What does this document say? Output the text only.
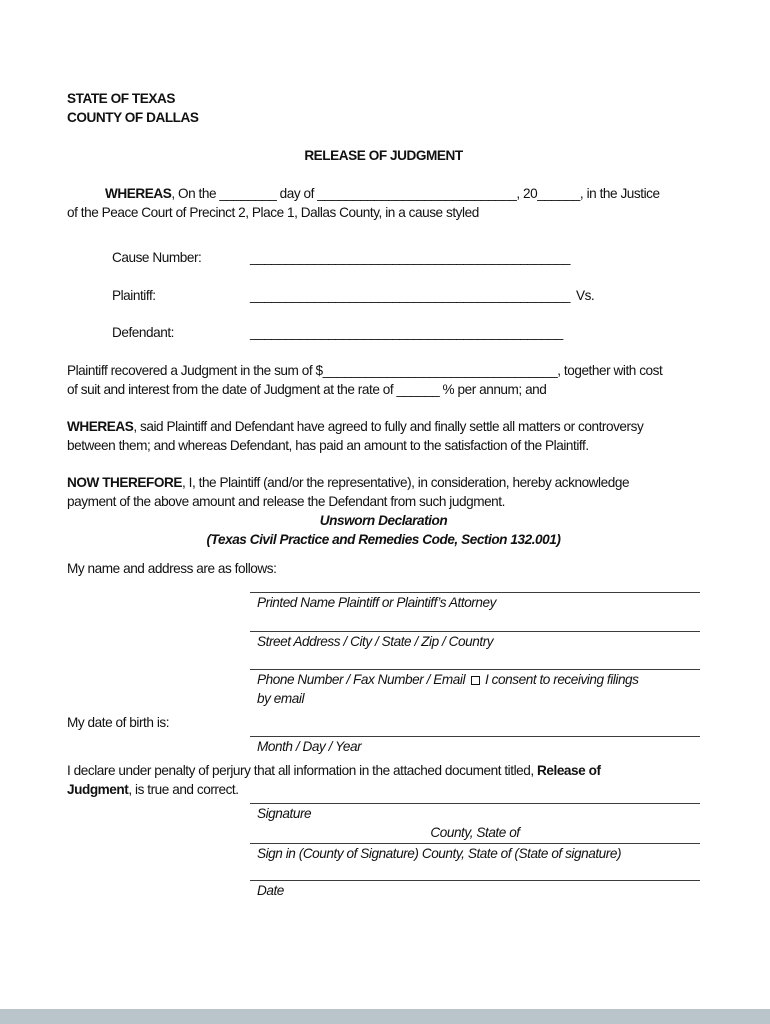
STATE OF TEXAS
COUNTY OF DALLAS
RELEASE OF JUDGMENT
WHEREAS, On the ________ day of ____________________________, 20______, in the Justice
of the Peace Court of Precinct 2, Place 1, Dallas County, in a cause styled
Cause Number:	_____________________________________________
Plaintiff:	_____________________________________________ Vs.
Defendant:	____________________________________________
Plaintiff recovered a Judgment in the sum of $_________________________________, together with cost
of suit and interest from the date of Judgment at the rate of ______ % per annum; and
WHEREAS, said Plaintiff and Defendant have agreed to fully and finally settle all matters or controversy
between them; and whereas Defendant, has paid an amount to the satisfaction of the Plaintiff.
NOW THEREFORE, I, the Plaintiff (and/or the representative), in consideration, hereby acknowledge
payment of the above amount and release the Defendant from such judgment.
Unsworn Declaration
(Texas Civil Practice and Remedies Code, Section 132.001)
My name and address are as follows:
Printed Name Plaintiff or Plaintiff’s Attorney
Street Address / City / State / Zip / Country
Phone Number / Fax Number / Email I consent to receiving filings
by email
My date of birth is:
Month / Day / Year
I declare under penalty of perjury that all information in the attached document titled, Release of
Judgment, is true and correct.
Signature
County, State of
Sign in (County of Signature) County, State of (State of signature)
Date
